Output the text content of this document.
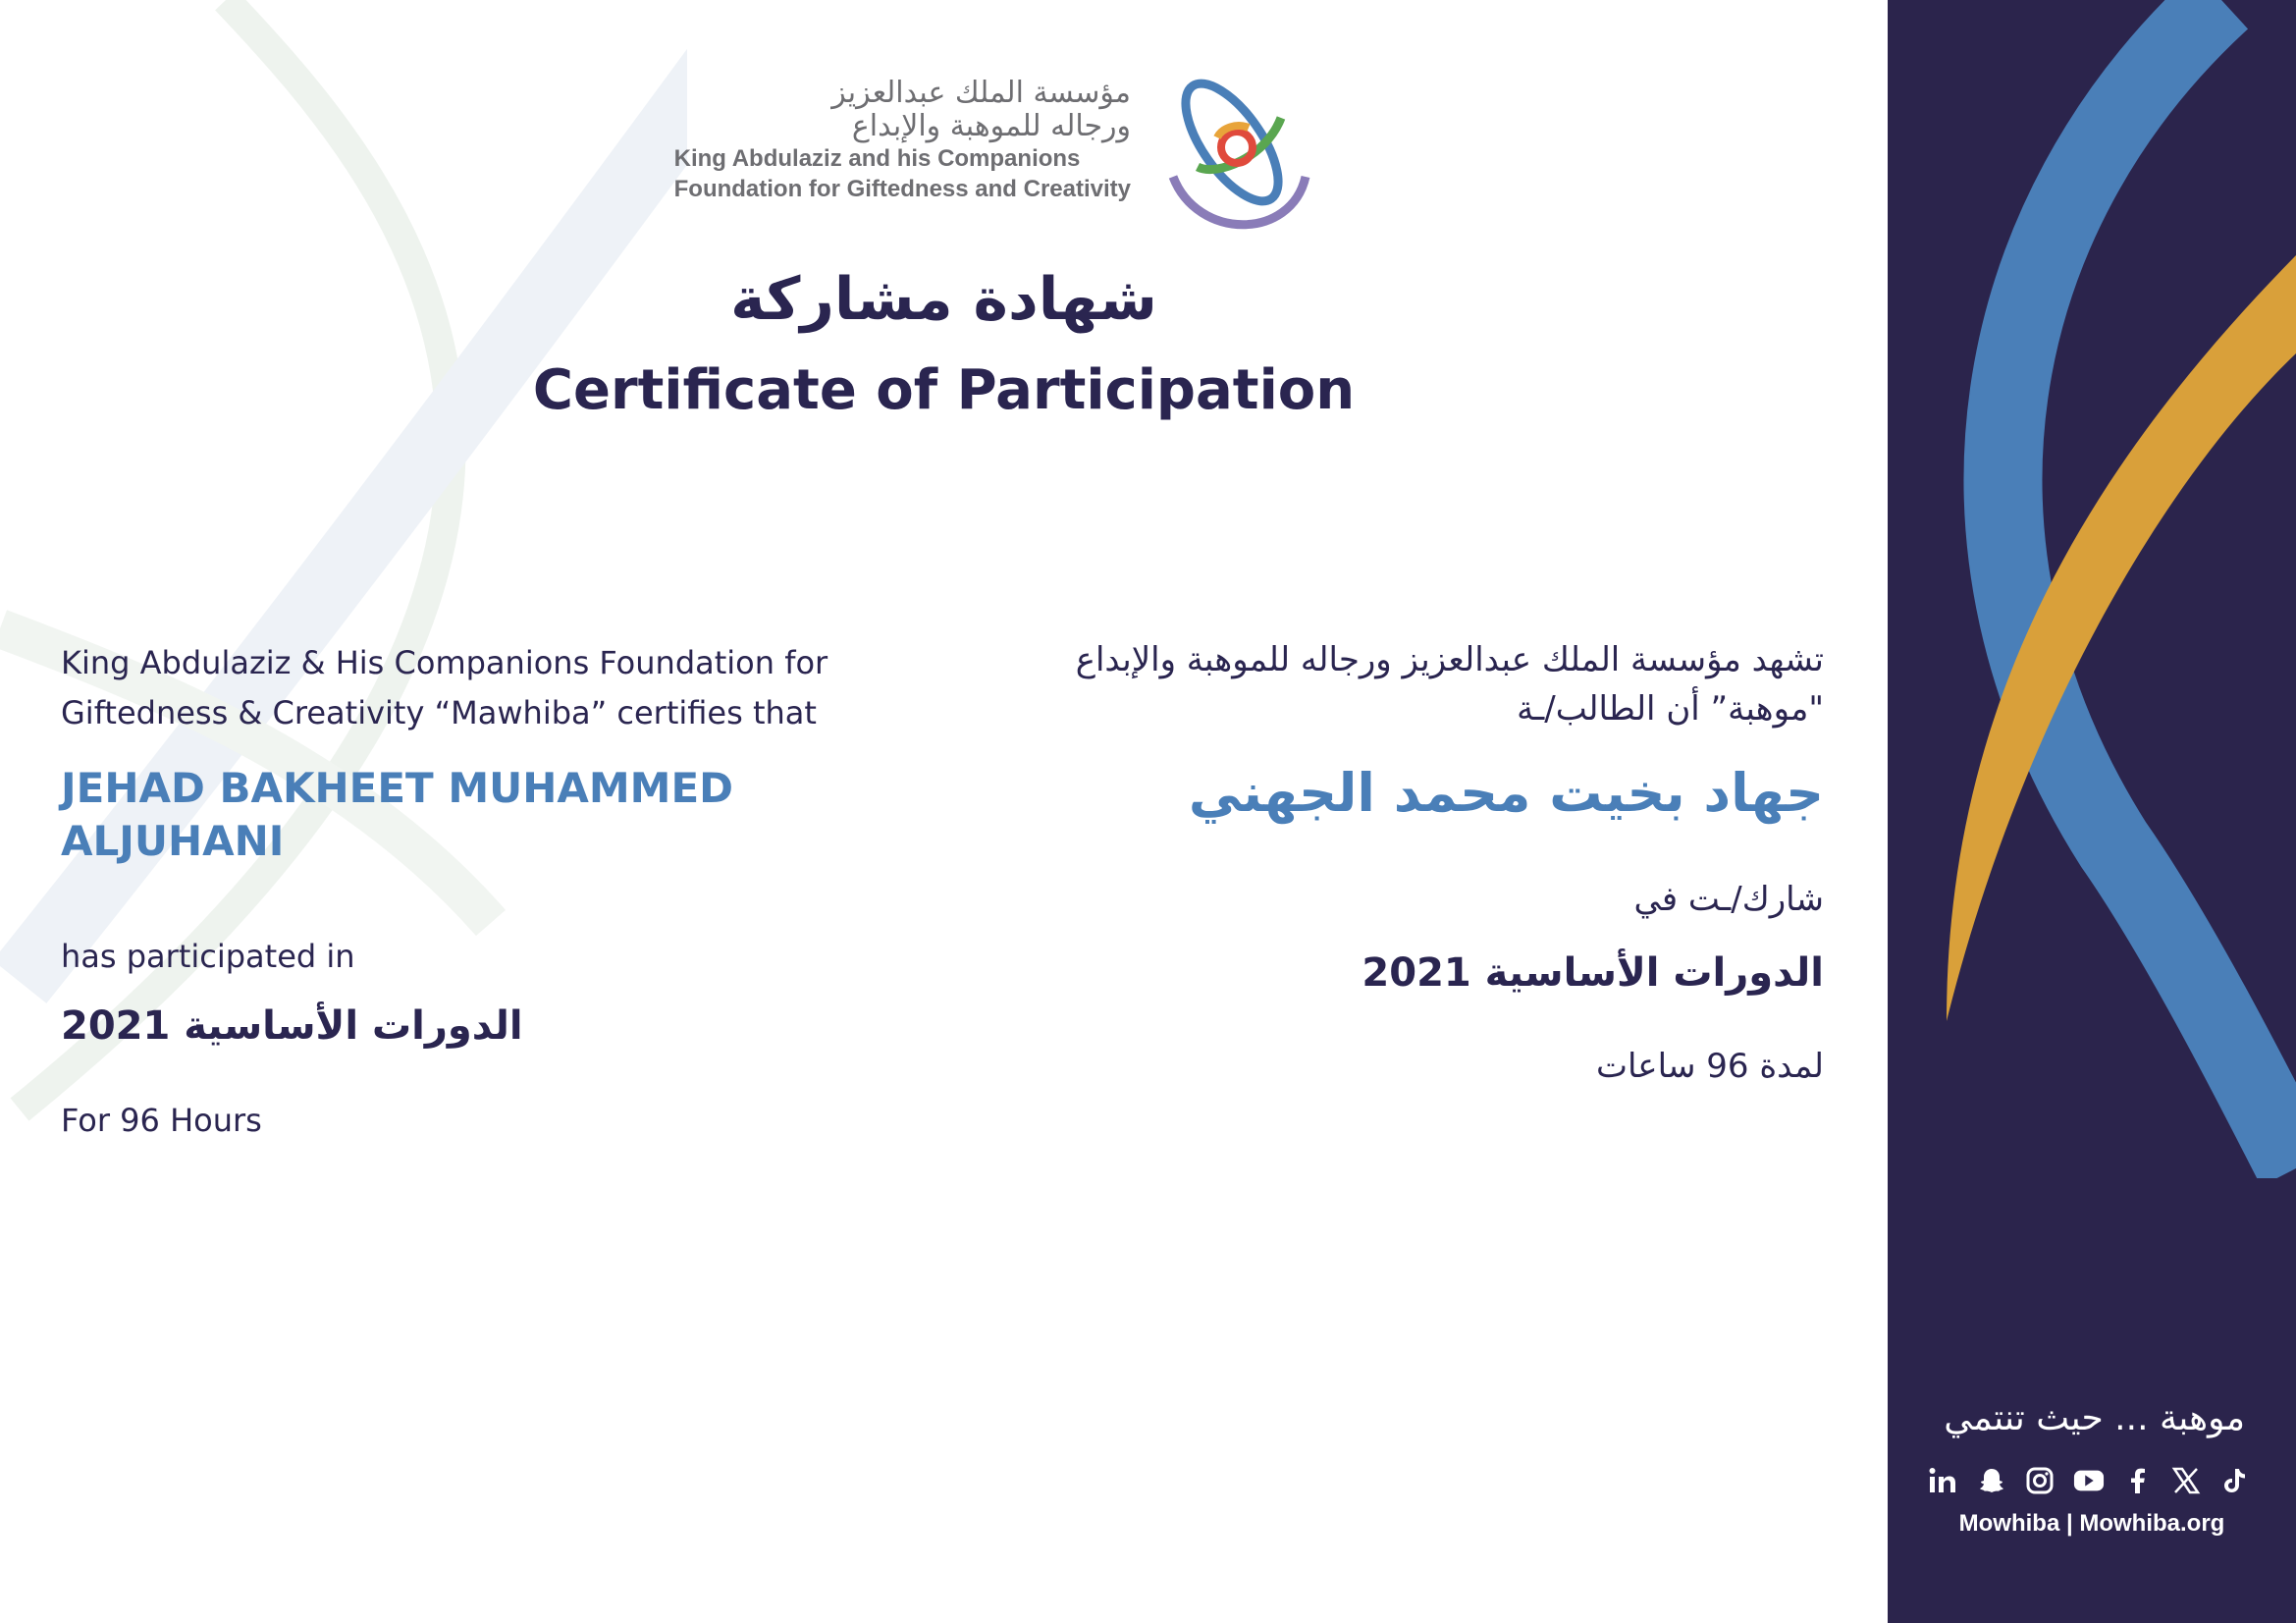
مؤسسة الملك عبدالعزيز
ورجاله للموهبة والإبداع
King Abdulaziz and his Companions
Foundation for Giftedness and Creativity
شهادة مشاركة
Certificate of Participation
King Abdulaziz & His Companions Foundation for
Giftedness & Creativity “Mawhiba” certifies that
JEHAD BAKHEET MUHAMMED ALJUHANI
has participated in
الدورات الأساسية 2021
For 96 Hours
تشهد مؤسسة الملك عبدالعزيز ورجاله للموهبة والإبداع
"موهبة” أن الطالب/ـة
جهاد بخيت محمد الجهني
شارك/ـت في
الدورات الأساسية 2021
لمدة 96 ساعات
موهبة ... حيث تنتمي
Mowhiba | Mowhiba.org
